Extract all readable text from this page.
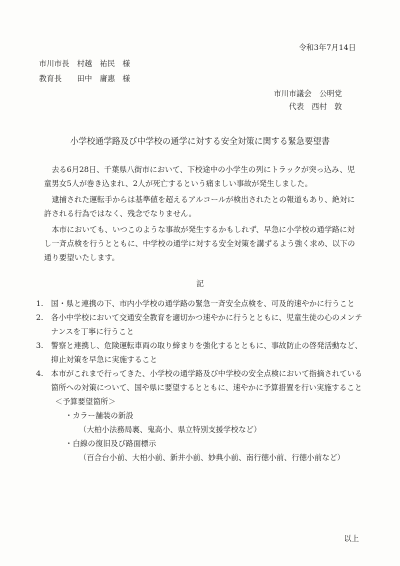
令和3年7月14日
市川市長　村越　祐民　様
教育長　　田中　庸惠　様
市川市議会　公明党
代表　西村　敦
小学校通学路及び中学校の通学に対する安全対策に関する緊急要望書

去る6月28日、千葉県八街市において、下校途中の小学生の列にトラックが突っ込み、児童男女5人が巻き込まれ、2人が死亡するという痛ましい事故が発生しました。

逮捕された運転手からは基準値を超えるアルコールが検出されたとの報道もあり、絶対に許される行為ではなく、残念でなりません。

本市においても、いつこのような事故が発生するかもしれず、早急に小学校の通学路に対し一斉点検を行うとともに、中学校の通学に対する安全対策を講ずるよう強く求め、以下の通り要望いたします。

記
1. 国・県と連携の下、市内小学校の通学路の緊急一斉安全点検を、可及的速やかに行うこと
2. 各小中学校において交通安全教育を適切かつ速やかに行うとともに、児童生徒の心のメンテナンスを丁寧に行うこと
3. 警察と連携し、危険運転車両の取り締まりを強化するとともに、事故防止の啓発活動など、抑止対策を早急に実施すること
4. 本市がこれまで行ってきた、小学校の通学路及び中学校の安全点検において指摘されている箇所への対策について、国や県に要望するとともに、速やかに予算措置を行い実施すること
＜予算要望箇所＞
・カラー舗装の新設
（大柏小法務局裏、鬼高小、県立特別支援学校など）
・白線の復旧及び路面標示
（百合台小前、大柏小前、新井小前、妙典小前、南行徳小前、行徳小前など）
以上
